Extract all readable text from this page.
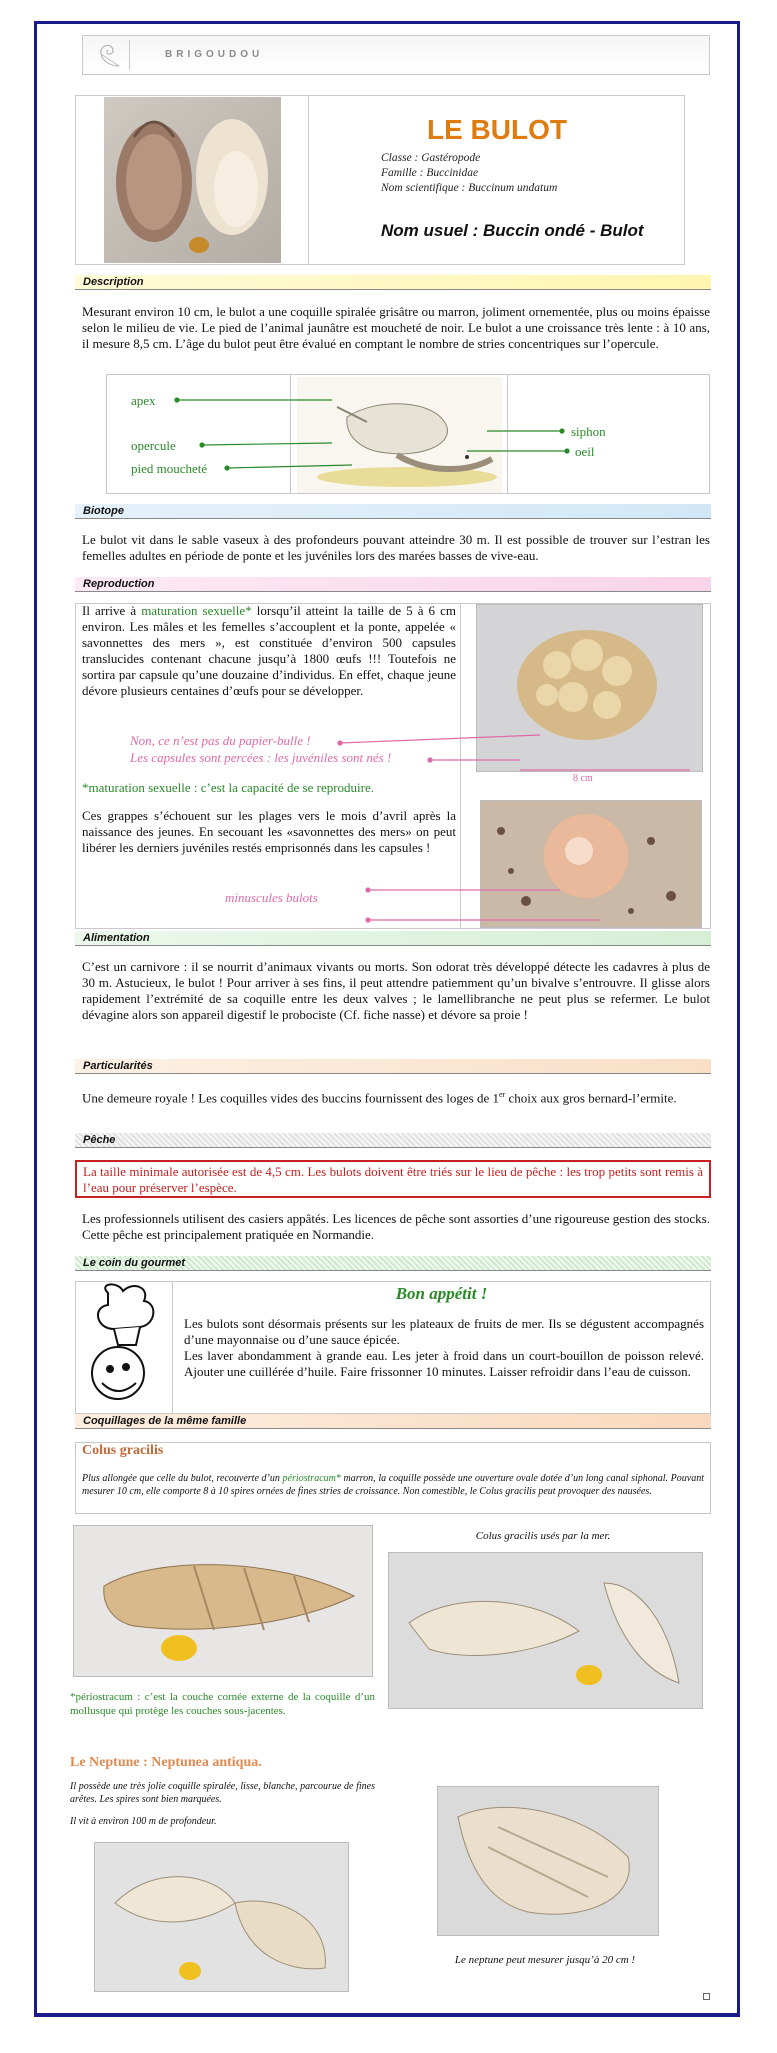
BRIGOUDOU
LE BULOT
Classe : Gastéropode
Famille : Buccinidae
Nom scientifique : Buccinum undatum
Nom usuel : Buccin ondé - Bulot
Description
Mesurant environ 10 cm, le bulot a une coquille spiralée grisâtre ou marron, joliment ornementée, plus ou moins épaisse selon le milieu de vie. Le pied de l’animal jaunâtre est moucheté de noir. Le bulot a une croissance très lente : à 10 ans, il mesure 8,5 cm. L’âge du bulot peut être évalué en comptant le nombre de stries concentriques sur l’opercule.
apex
opercule
pied moucheté
siphon
oeil
Biotope
Le bulot vit dans le sable vaseux à des profondeurs pouvant atteindre 30 m. Il est possible de trouver sur l’estran les femelles adultes en période de ponte et les juvéniles lors des marées basses de vive-eau.
Reproduction
Il arrive à maturation sexuelle* lorsqu’il atteint la taille de 5 à 6 cm environ. Les mâles et les femelles s’accouplent et la ponte, appelée « savonnettes des mers », est constituée d’environ 500 capsules translucides contenant chacune jusqu’à 1800 œufs !!! Toutefois ne sortira par capsule qu’une douzaine d’individus. En effet, chaque jeune dévore plusieurs centaines d’œufs pour se développer.
Non, ce n’est pas du papier-bulle !
Les capsules sont percées : les juvéniles sont nés !
*maturation sexuelle : c’est la capacité de se reproduire.
Ces grappes s’échouent sur les plages vers le mois d’avril après la naissance des jeunes. En secouant les «savonnettes des mers» on peut libérer les derniers juvéniles restés emprisonnés dans les capsules !
minuscules bulots
8 cm
Alimentation
C’est un carnivore : il se nourrit d’animaux vivants ou morts. Son odorat très développé détecte les cadavres à plus de 30 m. Astucieux, le bulot ! Pour arriver à ses fins, il peut attendre patiemment qu’un bivalve s’entrouvre. Il glisse alors rapidement l’extrémité de sa coquille entre les deux valves ; le lamellibranche ne peut plus se refermer. Le bulot dévagine alors son appareil digestif le probociste (Cf. fiche nasse) et dévore sa proie !
Particularités
Une demeure royale ! Les coquilles vides des buccins fournissent des loges de 1er choix aux gros bernard-l’ermite.
Pêche
La taille minimale autorisée est de 4,5 cm. Les bulots doivent être triés sur le lieu de pêche : les trop petits sont remis à l’eau pour préserver l’espèce.
Les professionnels utilisent des casiers appâtés. Les licences de pêche sont assorties d’une rigoureuse gestion des stocks. Cette pêche est principalement pratiquée en Normandie.
Le coin du gourmet
Bon appétit !
Les bulots sont désormais présents sur les plateaux de fruits de mer. Ils se dégustent accompagnés d’une mayonnaise ou d’une sauce épicée.
Les laver abondamment à grande eau. Les jeter à froid dans un court-bouillon de poisson relevé. Ajouter une cuillérée d’huile. Faire frissonner 10 minutes. Laisser refroidir dans l’eau de cuisson.
Coquillages de la même famille
Colus gracilis
Plus allongée que celle du bulot, recouverte d’un périostracum* marron, la coquille possède une ouverture ovale dotée d’un long canal siphonal. Pouvant mesurer 10 cm, elle comporte 8 à 10 spires ornées de fines stries de croissance. Non comestible, le Colus gracilis peut provoquer des nausées.
Colus gracilis usés par la mer.
*périostracum : c’est la couche cornée externe de la coquille d’un mollusque qui protège les couches sous-jacentes.
Le Neptune : Neptunea antiqua.
Il possède une très jolie coquille spiralée, lisse, blanche, parcourue de fines arêtes. Les spires sont bien marquées.
Il vit à environ 100 m de profondeur.
Le neptune peut mesurer jusqu’à 20 cm !
